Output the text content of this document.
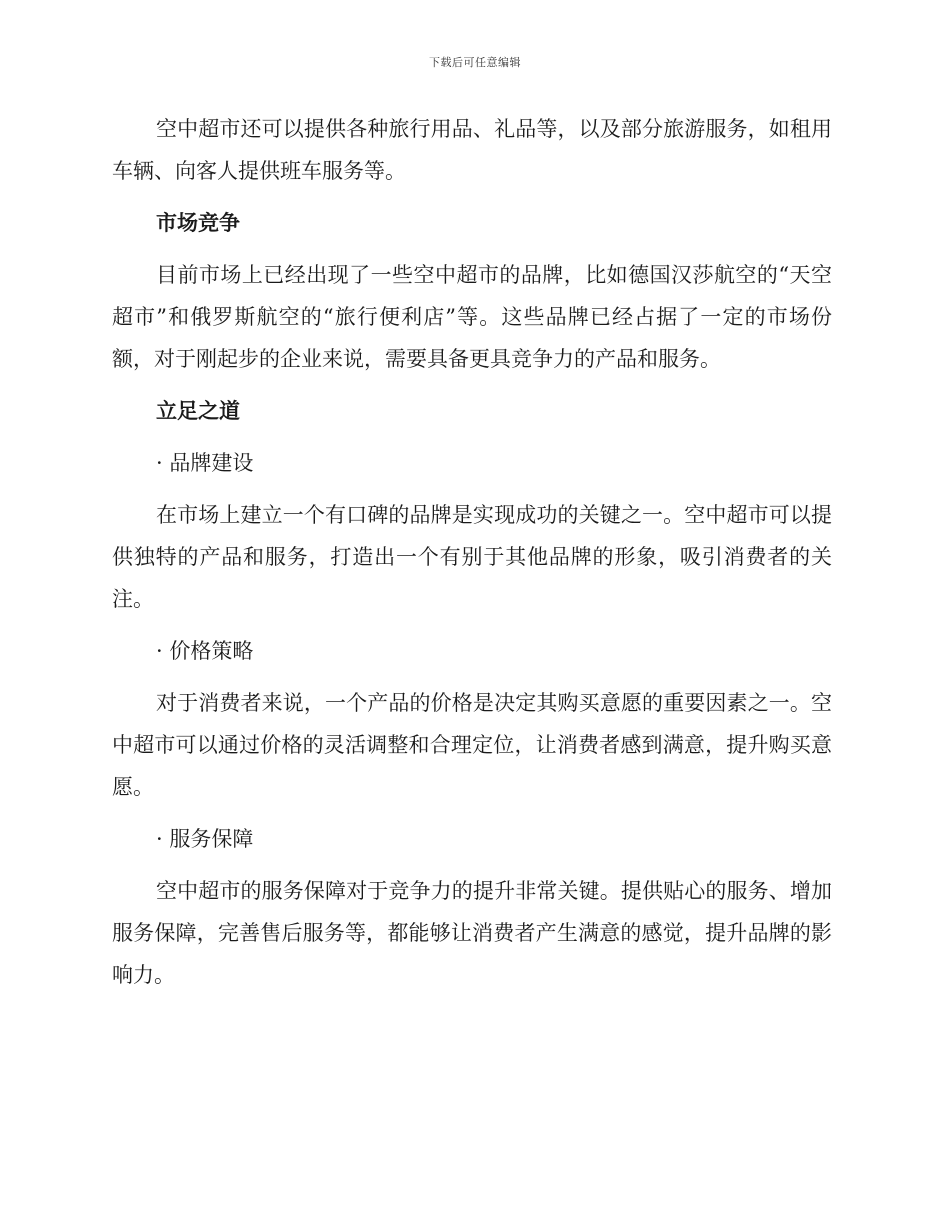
下载后可任意编辑

空中超市还可以提供各种旅行用品、礼品等，以及部分旅游服务，如租用车辆、向客人提供班车服务等。

市场竞争

目前市场上已经出现了一些空中超市的品牌，比如德国汉莎航空的“天空超市”和俄罗斯航空的“旅行便利店”等。这些品牌已经占据了一定的市场份额，对于刚起步的企业来说，需要具备更具竞争力的产品和服务。

立足之道
· 品牌建设

在市场上建立一个有口碑的品牌是实现成功的关键之一。空中超市可以提供独特的产品和服务，打造出一个有别于其他品牌的形象，吸引消费者的关注。

· 价格策略

对于消费者来说，一个产品的价格是决定其购买意愿的重要因素之一。空中超市可以通过价格的灵活调整和合理定位，让消费者感到满意，提升购买意愿。

· 服务保障

空中超市的服务保障对于竞争力的提升非常关键。提供贴心的服务、增加服务保障，完善售后服务等，都能够让消费者产生满意的感觉，提升品牌的影响力。
